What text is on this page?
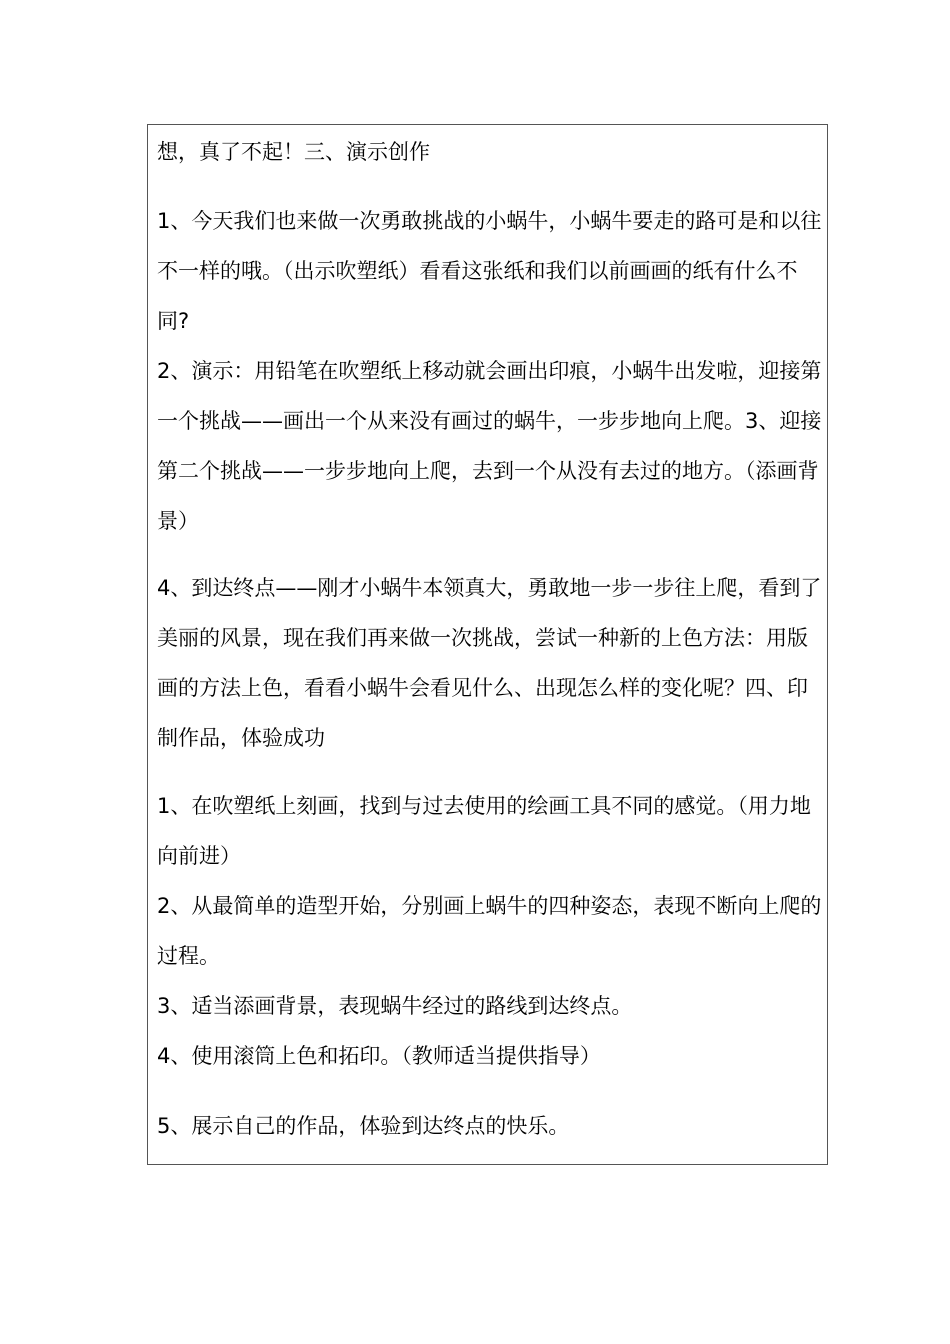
想，真了不起！三、演示创作

1、今天我们也来做一次勇敢挑战的小蜗牛，小蜗牛要走的路可是和以往不一样的哦。（出示吹塑纸）看看这张纸和我们以前画画的纸有什么不同?

2、演示：用铅笔在吹塑纸上移动就会画出印痕，小蜗牛出发啦，迎接第一个挑战——画出一个从来没有画过的蜗牛，一步步地向上爬。3、迎接第二个挑战——一步步地向上爬，去到一个从没有去过的地方。（添画背景）

4、到达终点——刚才小蜗牛本领真大，勇敢地一步一步往上爬，看到了美丽的风景，现在我们再来做一次挑战，尝试一种新的上色方法：用版画的方法上色，看看小蜗牛会看见什么、出现怎么样的变化呢？四、印制作品，体验成功

1、在吹塑纸上刻画，找到与过去使用的绘画工具不同的感觉。（用力地向前进）

2、从最简单的造型开始，分别画上蜗牛的四种姿态，表现不断向上爬的过程。

3、适当添画背景，表现蜗牛经过的路线到达终点。

4、使用滚筒上色和拓印。（教师适当提供指导）

5、展示自己的作品，体验到达终点的快乐。
